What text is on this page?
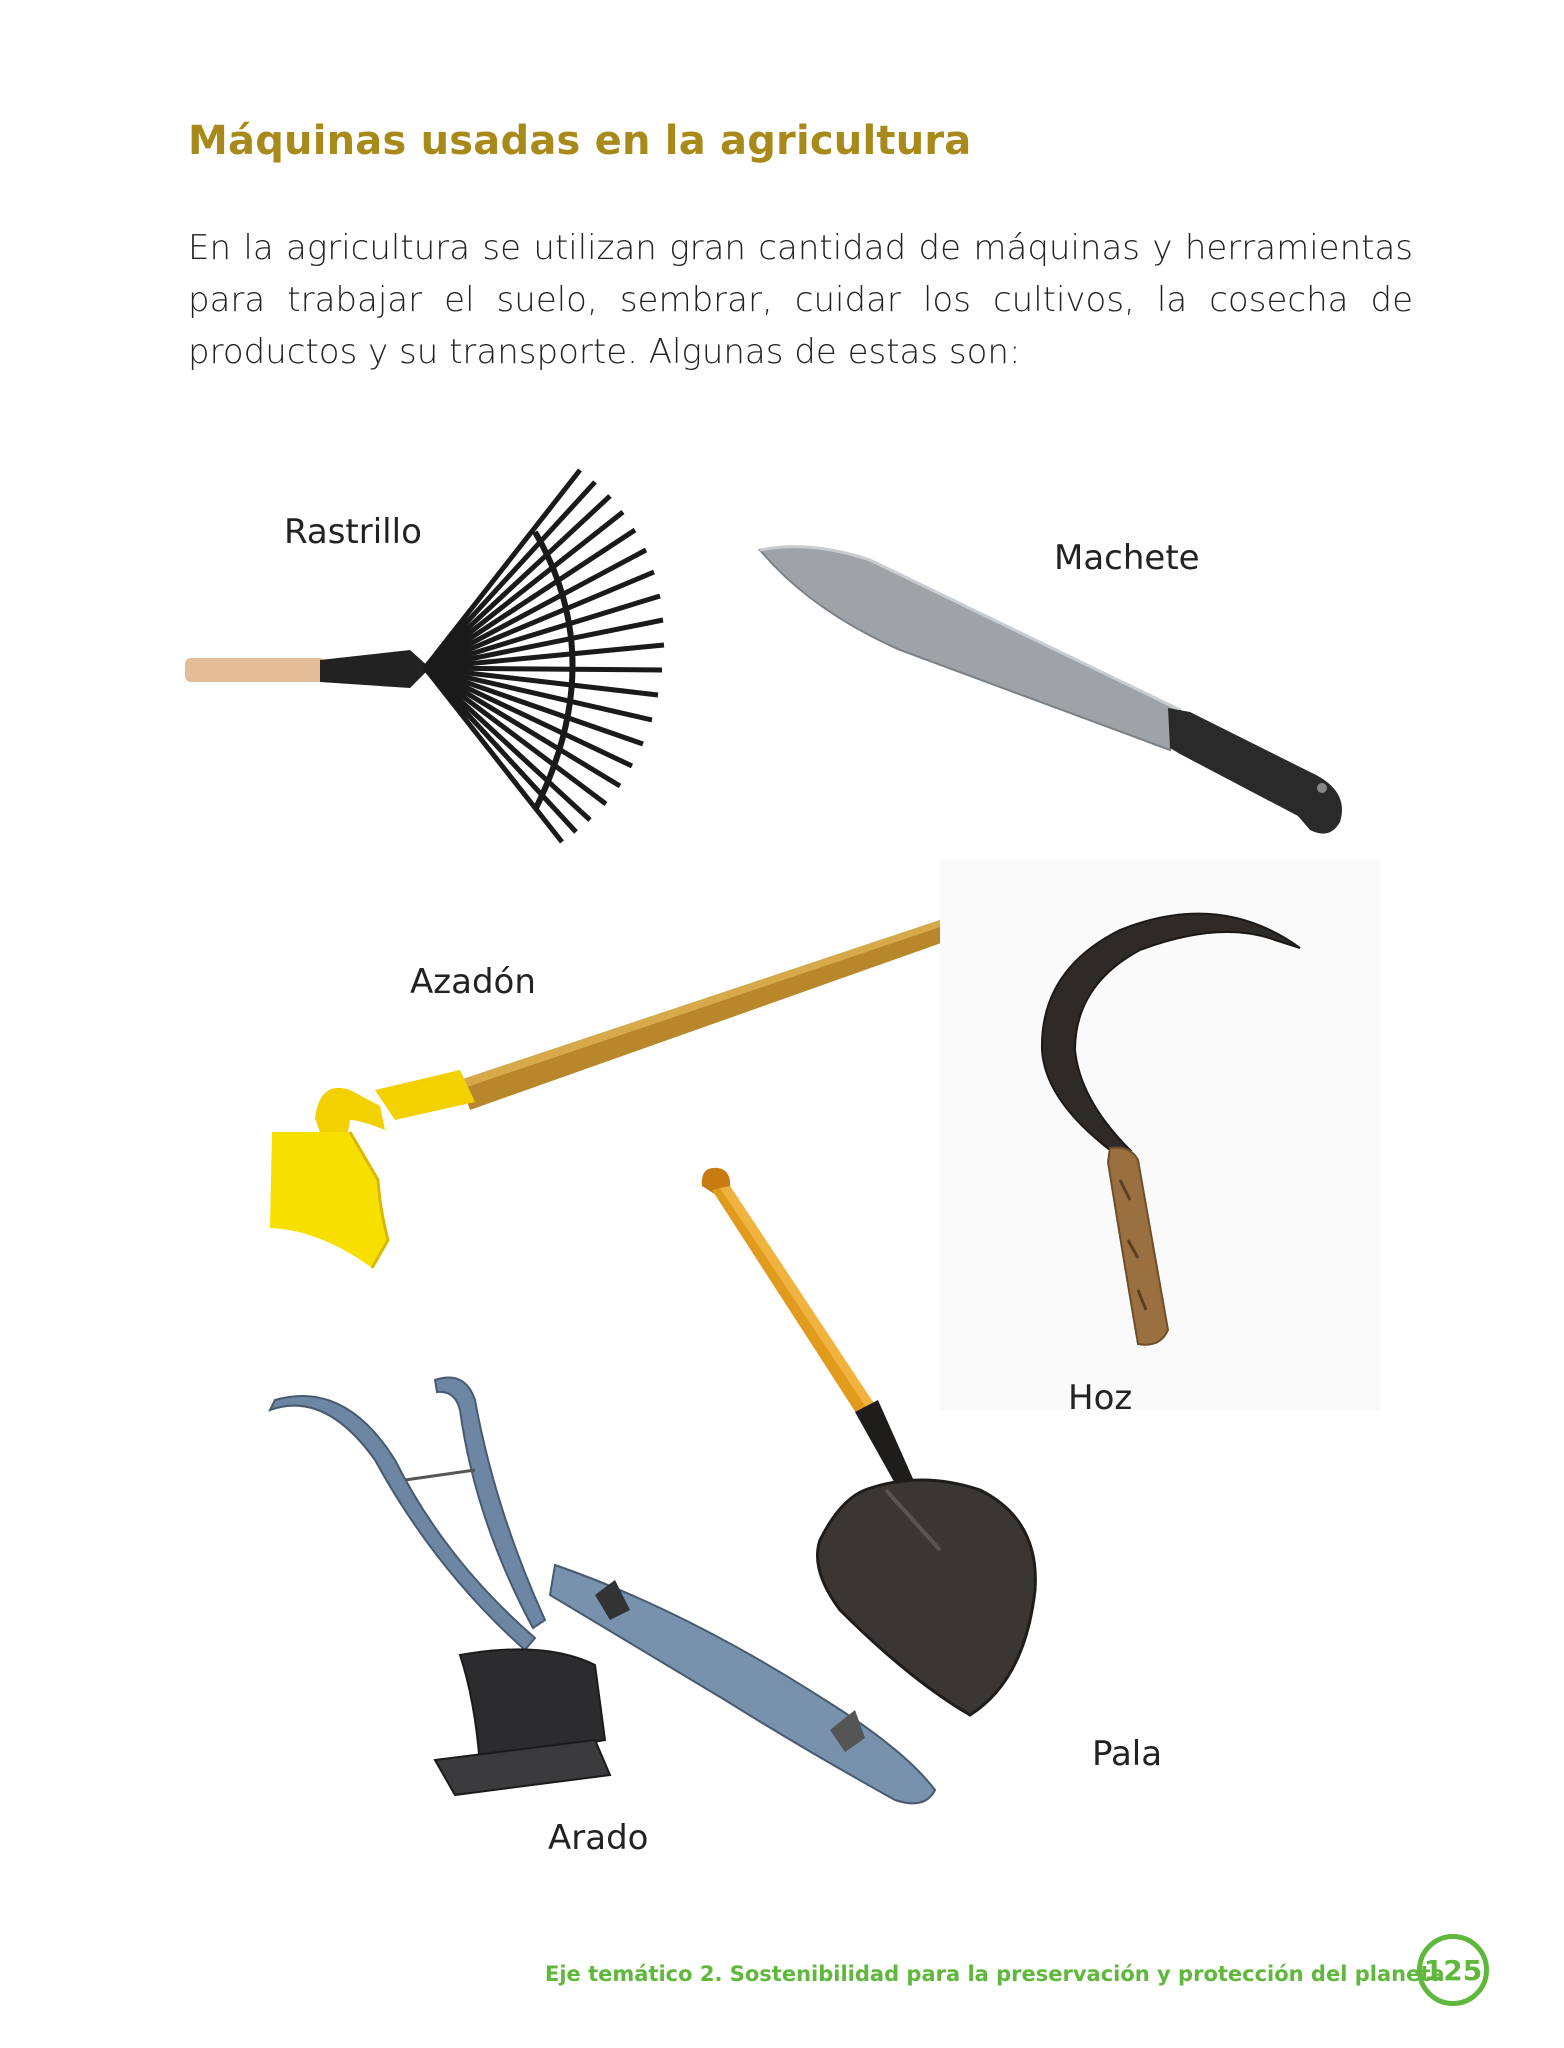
Máquinas usadas en la agricultura
En la agricultura se utilizan gran cantidad de máquinas y herramientas para trabajar el suelo, sembrar, cuidar los cultivos, la cosecha de productos y su transporte. Algunas de estas son:
Rastrillo
Machete
Azadón
Hoz
Pala
Arado
Eje temático 2. Sostenibilidad para la preservación y protección del planeta
125
